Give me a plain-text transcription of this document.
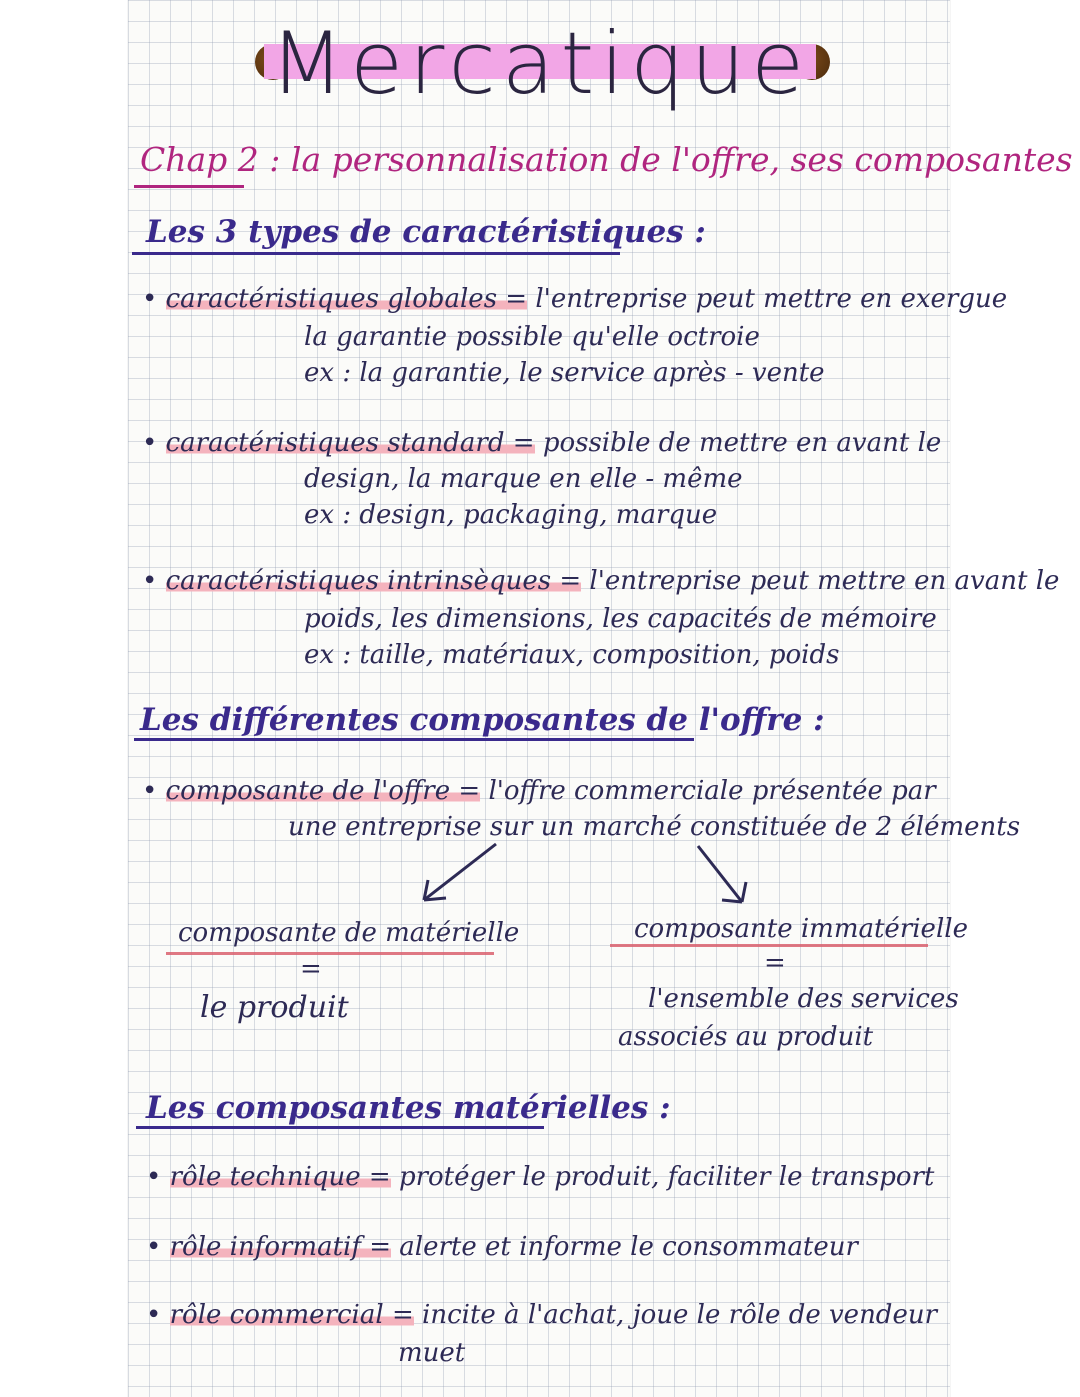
Mercatique
Chap 2 : la personnalisation de l'offre, ses composantes
Les 3 types de caractéristiques :
• caractéristiques globales = l'entreprise peut mettre en exergue
la garantie possible qu'elle octroie
ex : la garantie, le service après - vente
• caractéristiques standard = possible de mettre en avant le
design, la marque en elle - même
ex : design, packaging, marque
• caractéristiques intrinsèques = l'entreprise peut mettre en avant le
poids, les dimensions, les capacités de mémoire
ex : taille, matériaux, composition, poids
Les différentes composantes de l'offre :
• composante de l'offre = l'offre commerciale présentée par
une entreprise sur un marché constituée de 2 éléments
composante de matérielle
=
le produit
composante immatérielle
=
l'ensemble des services
associés au produit
Les composantes matérielles :
• rôle technique = protéger le produit, faciliter le transport
• rôle informatif = alerte et informe le consommateur
• rôle commercial = incite à l'achat, joue le rôle de vendeur
muet
